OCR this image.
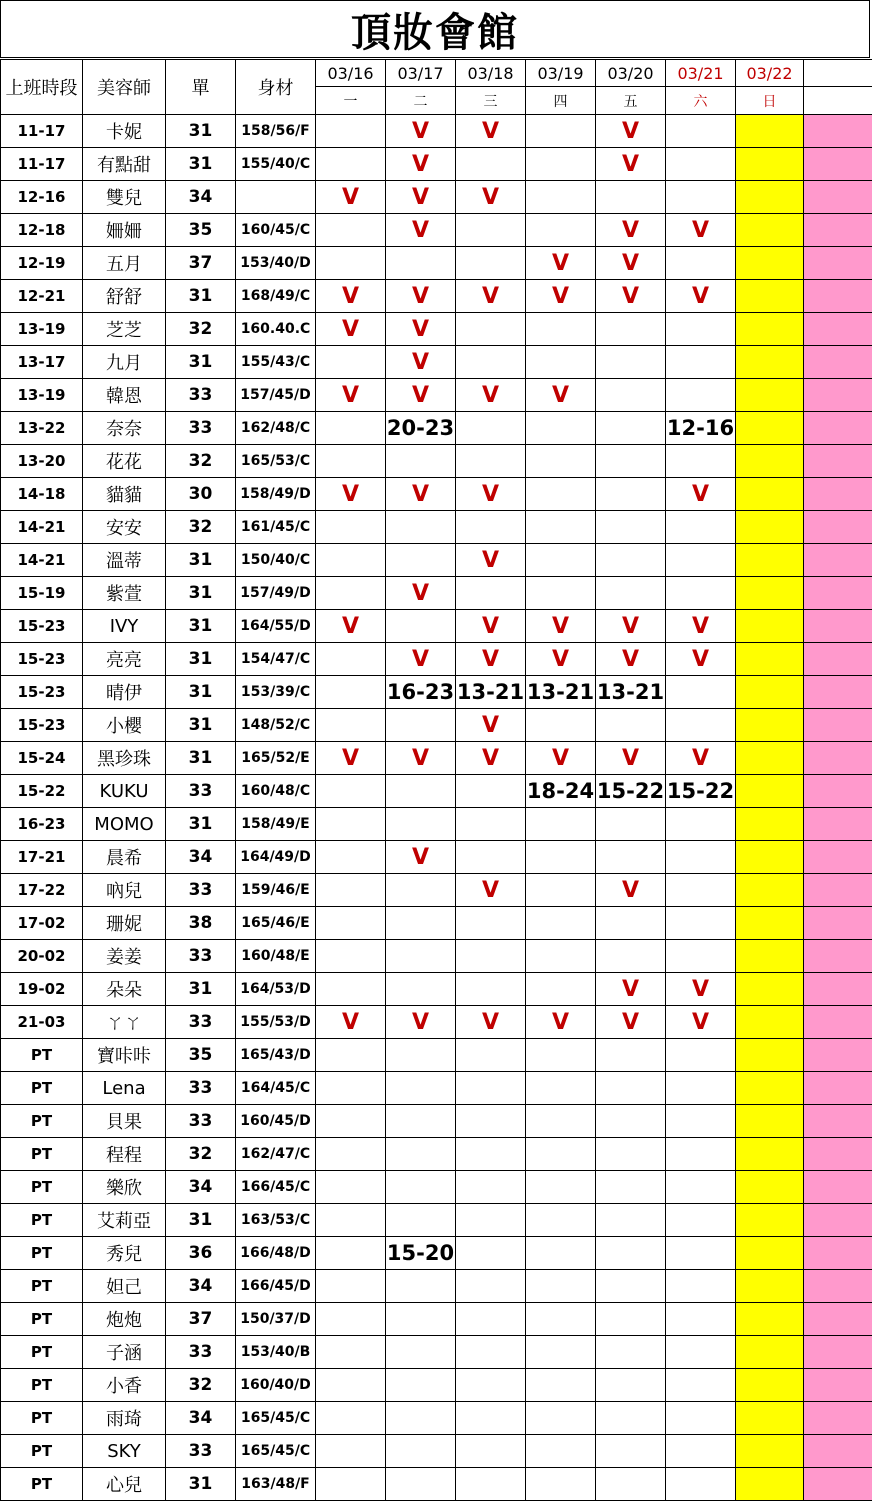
頂妝會館
上班時段	美容師	單	身材	03/16	03/17	03/18	03/19	03/20	03/21	03/22	
				一	二	三	四	五	六	日	
11-17	卡妮	31	158/56/F		V	V		V			
11-17	有點甜	31	155/40/C		V			V			
12-16	雙兒	34		V	V	V					
12-18	姍姍	35	160/45/C		V			V	V		
12-19	五月	37	153/40/D				V	V			
12-21	舒舒	31	168/49/C	V	V	V	V	V	V		
13-19	芝芝	32	160.40.C	V	V						
13-17	九月	31	155/43/C		V						
13-19	韓恩	33	157/45/D	V	V	V	V				
13-22	奈奈	33	162/48/C		20-23				12-16		
13-20	花花	32	165/53/C								
14-18	貓貓	30	158/49/D	V	V	V			V		
14-21	安安	32	161/45/C								
14-21	溫蒂	31	150/40/C			V					
15-19	紫萱	31	157/49/D		V						
15-23	IVY	31	164/55/D	V		V	V	V	V		
15-23	亮亮	31	154/47/C		V	V	V	V	V		
15-23	晴伊	31	153/39/C		16-23	13-21	13-21	13-21			
15-23	小櫻	31	148/52/C			V					
15-24	黑珍珠	31	165/52/E	V	V	V	V	V	V		
15-22	KUKU	33	160/48/C				18-24	15-22	15-22		
16-23	MOMO	31	158/49/E								
17-21	晨希	34	164/49/D		V						
17-22	吶兒	33	159/46/E			V		V			
17-02	珊妮	38	165/46/E								
20-02	姜姜	33	160/48/E								
19-02	朵朵	31	164/53/D					V	V		
21-03	ㄚㄚ	33	155/53/D	V	V	V	V	V	V		
PT	寶咔咔	35	165/43/D								
PT	Lena	33	164/45/C								
PT	貝果	33	160/45/D								
PT	程程	32	162/47/C								
PT	樂欣	34	166/45/C								
PT	艾莉亞	31	163/53/C								
PT	秀兒	36	166/48/D		15-20						
PT	妲己	34	166/45/D								
PT	炮炮	37	150/37/D								
PT	子涵	33	153/40/B								
PT	小香	32	160/40/D								
PT	雨琦	34	165/45/C								
PT	SKY	33	165/45/C								
PT	心兒	31	163/48/F								
